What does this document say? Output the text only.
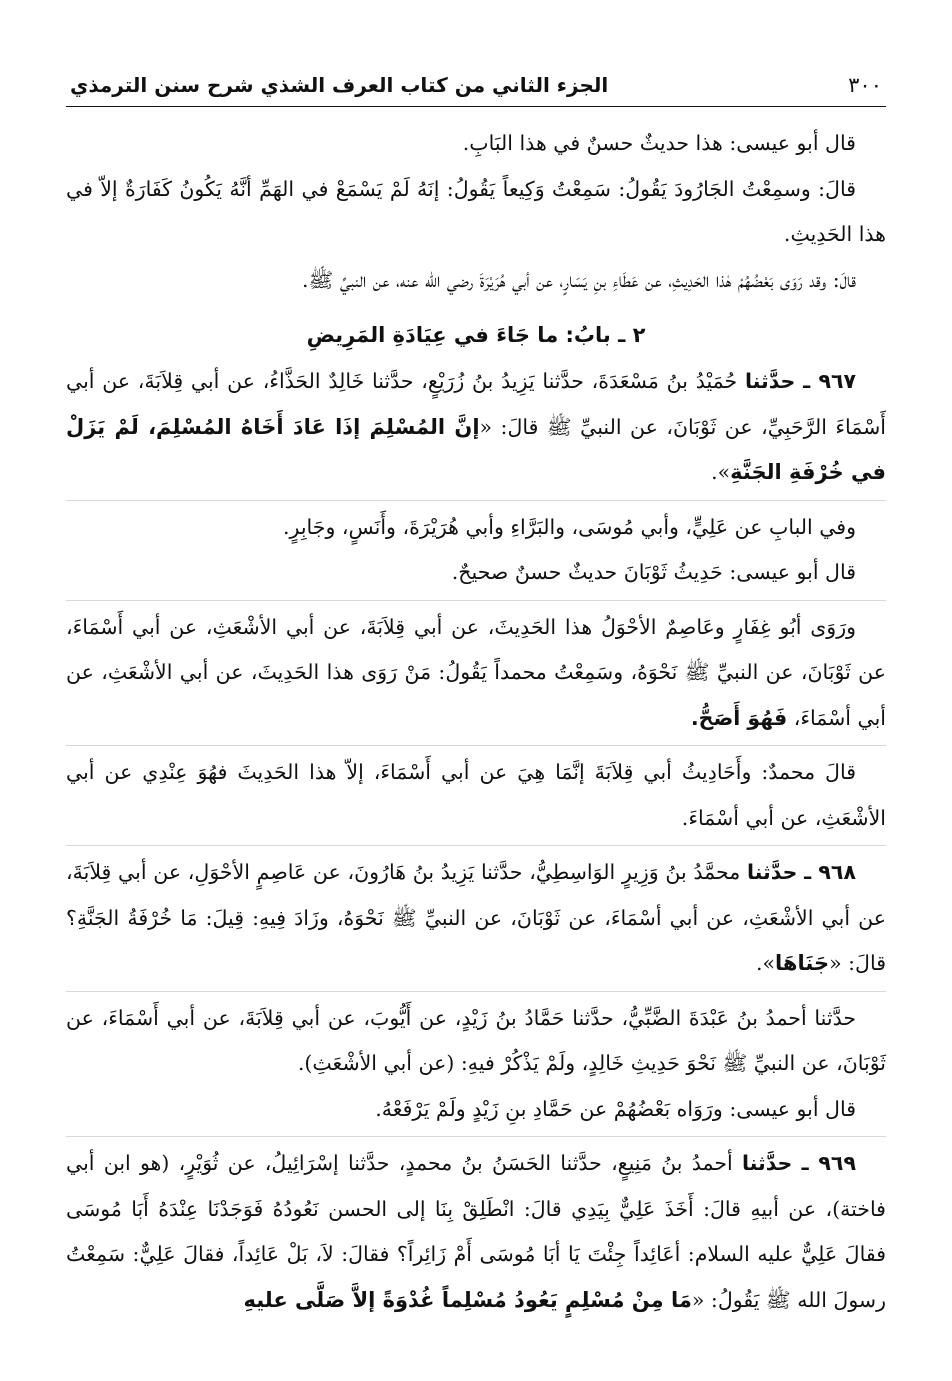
٣٠٠
الجزء الثاني من كتاب العرف الشذي شرح سنن الترمذي

قال أبو عيسى: هذا حديثٌ حسنٌ في هذا البَابِ.

قالَ: وسمِعْتُ الجَارُودَ يَقُولُ: سَمِعْتُ وَكِيعاً يَقُولُ: إنَهُ لَمْ يَسْمَعْ في الهَمِّ أنَّهُ يَكُونُ كَفَارَةٌ إلاّ في هذا الحَدِيثِ.

قالَ: وقد رَوَى بَعْضُهُمْ هٰذا الحَدِيثِ، عن عَطَاءِ بنِ يَسَارٍ، عن أبي هُرَيْرَةَ رضي الله عنه، عن النبيِّ ﷺ.

٢ ـ بابُ: ما جَاءَ في عِيَادَةِ المَرِيضِ

٩٦٧ ـ حدَّثنا حُمَيْدُ بنُ مَسْعَدَةَ، حدَّثنا يَزِيدُ بنُ زُرَيْعٍ، حدَّثنا خَالِدٌ الحَذَّاءُ، عن أبي قِلاَبَةَ، عن أبي أَسْمَاءَ الرَّحَبِيِّ، عن ثَوْبَانَ، عن النبيِّ ﷺ قالَ: «إنَّ المُسْلِمَ إذَا عَادَ أَخَاهُ المُسْلِمَ، لَمْ يَزَلْ في خُرْفَةِ الجَنَّةِ».

وفي البابِ عن عَلِيٍّ، وأبي مُوسَى، والبَرَّاءِ وأبي هُرَيْرَةَ، وأَنَسٍ، وجَابِرٍ.

قال أبو عيسى: حَدِيثُ ثَوْبَانَ حديثٌ حسنٌ صحيحٌ.

ورَوَى أبُو غِفَارٍ وعَاصِمٌ الأحْوَلُ هذا الحَدِيثَ، عن أبي قِلاَبَةَ، عن أبي الأشْعَثِ، عن أبي أَسْمَاءَ، عن ثَوْبَانَ، عن النبيِّ ﷺ نَحْوَهُ، وسَمِعْتُ محمداً يَقُولُ: مَنْ رَوَى هذا الحَدِيثَ، عن أبي الأشْعَثِ، عن أبي أسْمَاءَ، فَهُوَ أَصَحُّ.

قالَ محمدٌ: وأَحَادِيثُ أبي قِلاَبَةَ إنَّمَا هِيَ عن أبي أَسْمَاءَ، إلاّ هذا الحَدِيثَ فهُوَ عِنْدِي عن أبي الأشْعَثِ، عن أبي أسْمَاءَ.

٩٦٨ ـ حدَّثنا محمَّدُ بنُ وَزِيرٍ الوَاسِطِيُّ، حدَّثنا يَزِيدُ بنُ هَارُونَ، عن عَاصِمٍ الأحْوَلِ، عن أبي قِلاَبَةَ، عن أبي الأشْعَثِ، عن أبي أسْمَاءَ، عن ثَوْبَانَ، عن النبيِّ ﷺ نَحْوَهُ، وزَادَ فِيهِ: قِيلَ: مَا خُرْفَةُ الجَنَّةِ؟ قالَ: «جَنَاهَا».

حدَّثنا أحمدُ بنُ عَبْدَةَ الضَّبِّيُّ، حدَّثنا حَمَّادُ بنُ زَيْدٍ، عن أَيُّوبَ، عن أبي قِلاَبَةَ، عن أبي أَسْمَاءَ، عن ثَوْبَانَ، عن النبيِّ ﷺ نَحْوَ حَدِيثِ خَالِدٍ، ولَمْ يَذْكُرْ فيهِ: (عن أبي الأشْعَثِ).

قال أبو عيسى: ورَوَاه بَعْضُهُمْ عن حَمَّادِ بنِ زَيْدٍ ولَمْ يَرْفَعْهُ.

٩٦٩ ـ حدَّثنا أحمدُ بنُ مَنِيعٍ، حدَّثنا الحَسَنُ بنُ محمدٍ، حدَّثنا إسْرَائِيلُ، عن ثُوَيْرٍ، (هو ابن أبي فاختة)، عن أبيهِ قالَ: أَخَذَ عَلِيٌّ بِيَدِي قالَ: انْطَلِقْ بِنَا إلى الحسن نَعُودُهُ فَوَجَدْنَا عِنْدَهُ أَبَا مُوسَى فقالَ عَلِيٌّ عليه السلام: أعَائِداً جِئْتَ يَا أبَا مُوسَى أَمْ زَائِراً؟ فقالَ: لاَ، بَلْ عَائِداً، فقالَ عَلِيٌّ: سَمِعْتُ رسولَ الله ﷺ يَقُولُ: «مَا مِنْ مُسْلِمٍ يَعُودُ مُسْلِماً غُدْوَةً إلاَّ صَلَّى عليهِ
